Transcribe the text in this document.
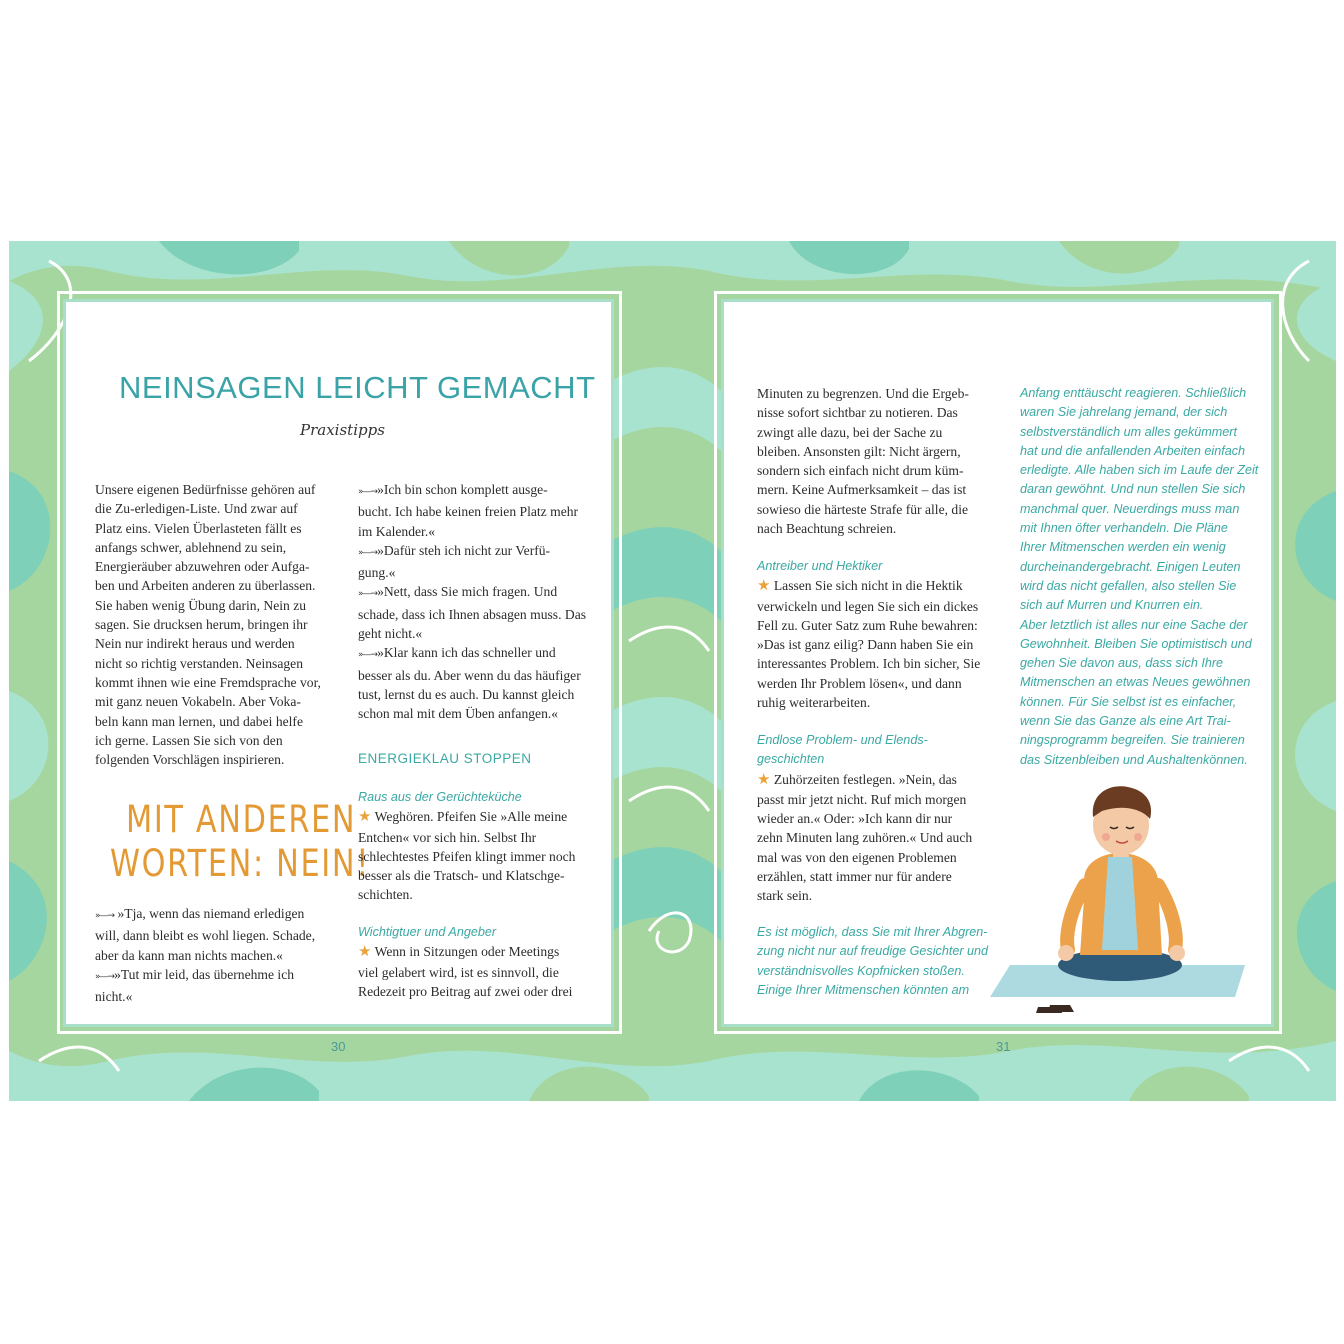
NEINSAGEN LEICHT GEMACHT
Praxistipps
Unsere eigenen Bedürfnisse gehören auf
die Zu-erledigen-Liste. Und zwar auf
Platz eins. Vielen Überlasteten fällt es
anfangs schwer, ablehnend zu sein,
Energieräuber abzuwehren oder Aufga-
ben und Arbeiten anderen zu überlassen.
Sie haben wenig Übung darin, Nein zu
sagen. Sie drucksen herum, bringen ihr
Nein nur indirekt heraus und werden
nicht so richtig verstanden. Neinsagen
kommt ihnen wie eine Fremdsprache vor,
mit ganz neuen Vokabeln. Aber Voka-
beln kann man lernen, und dabei helfe
ich gerne. Lassen Sie sich von den
folgenden Vorschlägen inspirieren.
MIT ANDEREN
WORTEN: NEIN!
»—→ »Tja, wenn das niemand erledigen
will, dann bleibt es wohl liegen. Schade,
aber da kann man nichts machen.«
»—→»Tut mir leid, das übernehme ich
nicht.«
»—→»Ich bin schon komplett ausge-
bucht. Ich habe keinen freien Platz mehr
im Kalender.«
»—→»Dafür steh ich nicht zur Verfü-
gung.«
»—→»Nett, dass Sie mich fragen. Und
schade, dass ich Ihnen absagen muss. Das
geht nicht.«
»—→»Klar kann ich das schneller und
besser als du. Aber wenn du das häufiger
tust, lernst du es auch. Du kannst gleich
schon mal mit dem Üben anfangen.«
ENERGIEKLAU STOPPEN
Raus aus der Gerüchteküche
★ Weghören. Pfeifen Sie »Alle meine
Entchen« vor sich hin. Selbst Ihr
schlechtestes Pfeifen klingt immer noch
besser als die Tratsch- und Klatschge-
schichten.
Wichtigtuer und Angeber
★ Wenn in Sitzungen oder Meetings
viel gelabert wird, ist es sinnvoll, die
Redezeit pro Beitrag auf zwei oder drei
30
Minuten zu begrenzen. Und die Ergeb-
nisse sofort sichtbar zu notieren. Das
zwingt alle dazu, bei der Sache zu
bleiben. Ansonsten gilt: Nicht ärgern,
sondern sich einfach nicht drum küm-
mern. Keine Aufmerksamkeit – das ist
sowieso die härteste Strafe für alle, die
nach Beachtung schreien.
Antreiber und Hektiker
★ Lassen Sie sich nicht in die Hektik
verwickeln und legen Sie sich ein dickes
Fell zu. Guter Satz zum Ruhe bewahren:
»Das ist ganz eilig? Dann haben Sie ein
interessantes Problem. Ich bin sicher, Sie
werden Ihr Problem lösen«, und dann
ruhig weiterarbeiten.
Endlose Problem- und Elends-
geschichten
★ Zuhörzeiten festlegen. »Nein, das
passt mir jetzt nicht. Ruf mich morgen
wieder an.« Oder: »Ich kann dir nur
zehn Minuten lang zuhören.« Und auch
mal was von den eigenen Problemen
erzählen, statt immer nur für andere
stark sein.
Es ist möglich, dass Sie mit Ihrer Abgren-
zung nicht nur auf freudige Gesichter und
verständnisvolles Kopfnicken stoßen.
Einige Ihrer Mitmenschen könnten am
Anfang enttäuscht reagieren. Schließlich
waren Sie jahrelang jemand, der sich
selbstverständlich um alles gekümmert
hat und die anfallenden Arbeiten einfach
erledigte. Alle haben sich im Laufe der Zeit
daran gewöhnt. Und nun stellen Sie sich
manchmal quer. Neuerdings muss man
mit Ihnen öfter verhandeln. Die Pläne
Ihrer Mitmenschen werden ein wenig
durcheinandergebracht. Einigen Leuten
wird das nicht gefallen, also stellen Sie
sich auf Murren und Knurren ein.
Aber letztlich ist alles nur eine Sache der
Gewohnheit. Bleiben Sie optimistisch und
gehen Sie davon aus, dass sich Ihre
Mitmenschen an etwas Neues gewöhnen
können. Für Sie selbst ist es einfacher,
wenn Sie das Ganze als eine Art Trai-
ningsprogramm begreifen. Sie trainieren
das Sitzenbleiben und Aushaltenkönnen.
31
